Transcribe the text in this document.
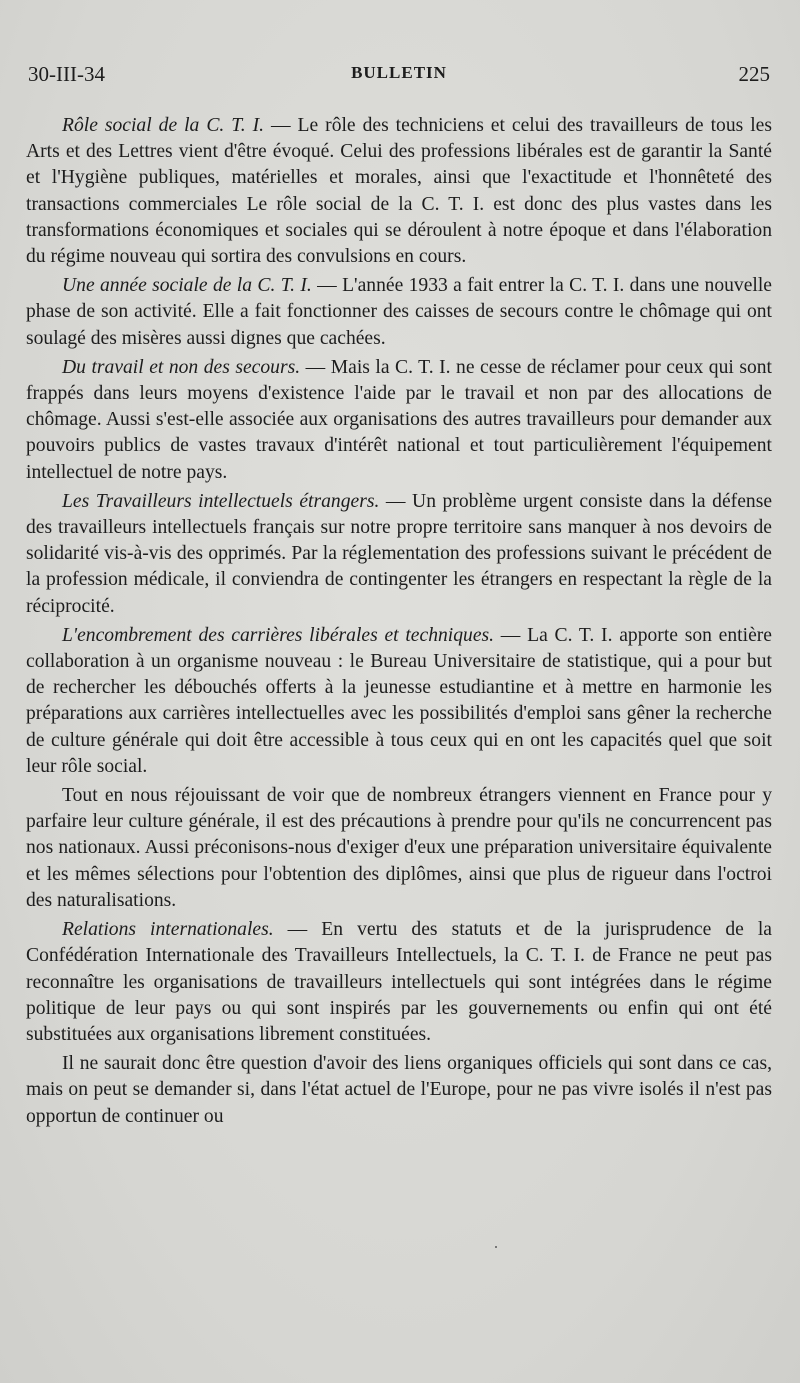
30-III-34	BULLETIN	225

Rôle social de la C. T. I. — Le rôle des techniciens et celui des travailleurs de tous les Arts et des Lettres vient d'être évoqué. Celui des professions libérales est de garantir la Santé et l'Hygiène publiques, matérielles et morales, ainsi que l'exactitude et l'honnêteté des transactions commerciales Le rôle social de la C. T. I. est donc des plus vastes dans les transformations économiques et sociales qui se déroulent à notre époque et dans l'élaboration du régime nouveau qui sortira des convulsions en cours.

Une année sociale de la C. T. I. — L'année 1933 a fait entrer la C. T. I. dans une nouvelle phase de son activité. Elle a fait fonctionner des caisses de secours contre le chômage qui ont soulagé des misères aussi dignes que cachées.

Du travail et non des secours. — Mais la C. T. I. ne cesse de réclamer pour ceux qui sont frappés dans leurs moyens d'existence l'aide par le travail et non par des allocations de chômage. Aussi s'est-elle associée aux organisations des autres travailleurs pour demander aux pouvoirs publics de vastes travaux d'intérêt national et tout particulièrement l'équipement intellectuel de notre pays.

Les Travailleurs intellectuels étrangers. — Un problème urgent consiste dans la défense des travailleurs intellectuels français sur notre propre territoire sans manquer à nos devoirs de solidarité vis-à-vis des opprimés. Par la réglementation des professions suivant le précédent de la profession médicale, il conviendra de contingenter les étrangers en respectant la règle de la réciprocité.

L'encombrement des carrières libérales et techniques. — La C. T. I. apporte son entière collaboration à un organisme nouveau : le Bureau Universitaire de statistique, qui a pour but de rechercher les débouchés offerts à la jeunesse estudiantine et à mettre en harmonie les préparations aux carrières intellectuelles avec les possibilités d'emploi sans gêner la recherche de culture générale qui doit être accessible à tous ceux qui en ont les capacités quel que soit leur rôle social.

Tout en nous réjouissant de voir que de nombreux étrangers viennent en France pour y parfaire leur culture générale, il est des précautions à prendre pour qu'ils ne concurrencent pas nos nationaux. Aussi préconisons-nous d'exiger d'eux une préparation universitaire équivalente et les mêmes sélections pour l'obtention des diplômes, ainsi que plus de rigueur dans l'octroi des naturalisations.

Relations internationales. — En vertu des statuts et de la jurisprudence de la Confédération Internationale des Travailleurs Intellectuels, la C. T. I. de France ne peut pas reconnaître les organisations de travailleurs intellectuels qui sont intégrées dans le régime politique de leur pays ou qui sont inspirés par les gouvernements ou enfin qui ont été substituées aux organisations librement constituées.

Il ne saurait donc être question d'avoir des liens organiques officiels qui sont dans ce cas, mais on peut se demander si, dans l'état actuel de l'Europe, pour ne pas vivre isolés il n'est pas opportun de continuer ou
